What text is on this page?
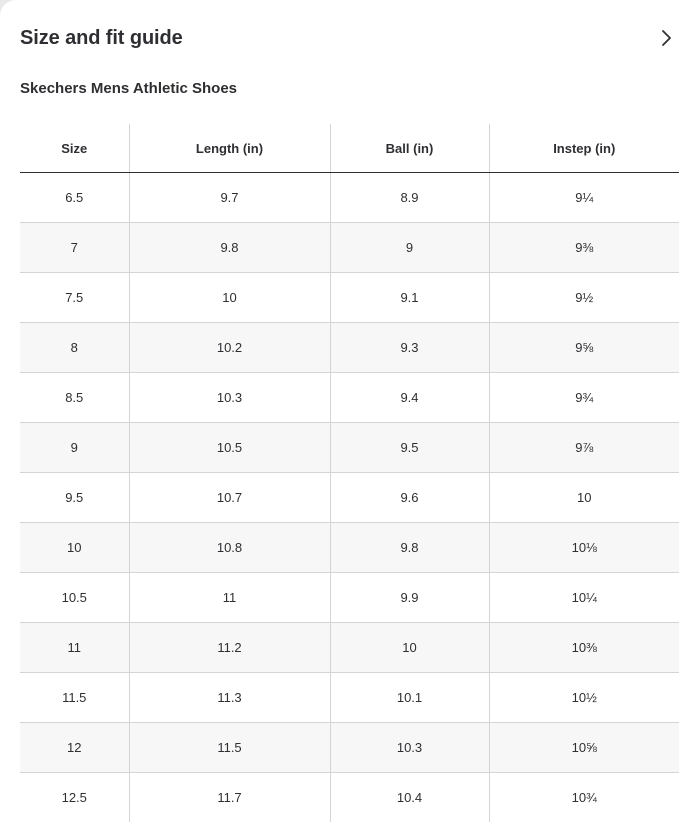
Size and fit guide
Skechers Mens Athletic Shoes
Size	Length (in)	Ball (in)	Instep (in)
6.5	9.7	8.9	9¼
7	9.8	9	9⅜
7.5	10	9.1	9½
8	10.2	9.3	9⅝
8.5	10.3	9.4	9¾
9	10.5	9.5	9⅞
9.5	10.7	9.6	10
10	10.8	9.8	10⅛
10.5	11	9.9	10¼
11	11.2	10	10⅜
11.5	11.3	10.1	10½
12	11.5	10.3	10⅝
12.5	11.7	10.4	10¾
